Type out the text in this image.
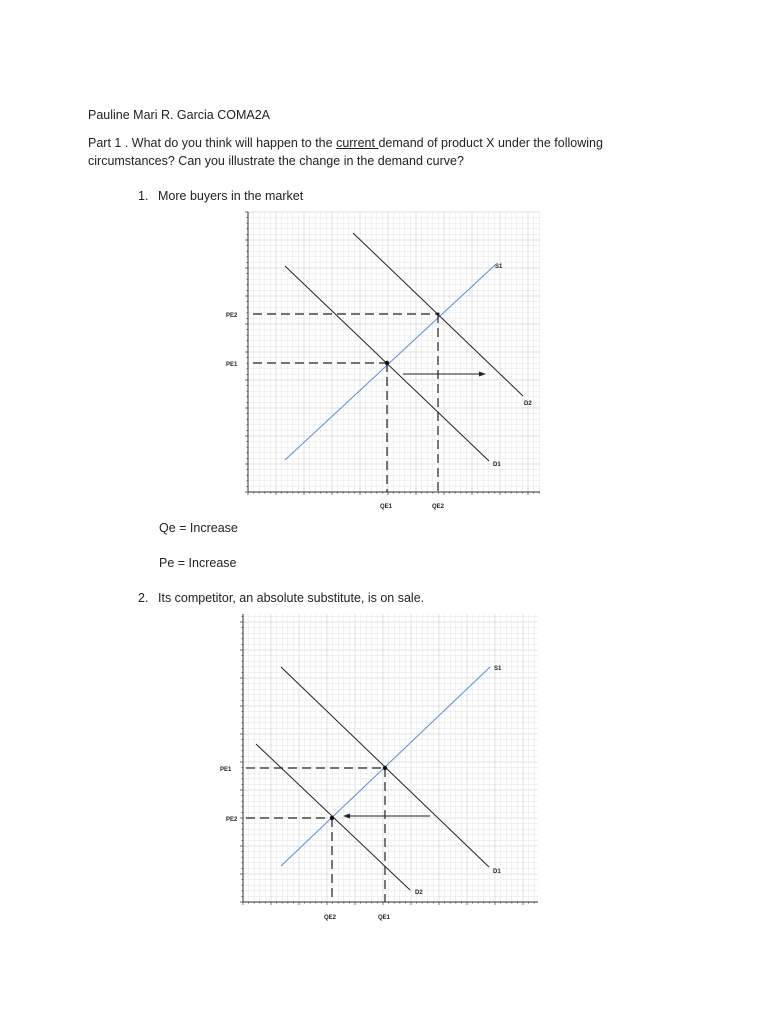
Pauline Mari R. Garcia COMA2A
Part 1 . What do you think will happen to the current demand of product X under the following circumstances? Can you illustrate the change in the demand curve?
1. More buyers in the market
S1
D1
D2
PE1
PE2
QE1	QE2
Qe = Increase
Pe = Increase
2. Its competitor, an absolute substitute, is on sale.
S1
D1
D2
PE1
PE2
QE2	QE1
